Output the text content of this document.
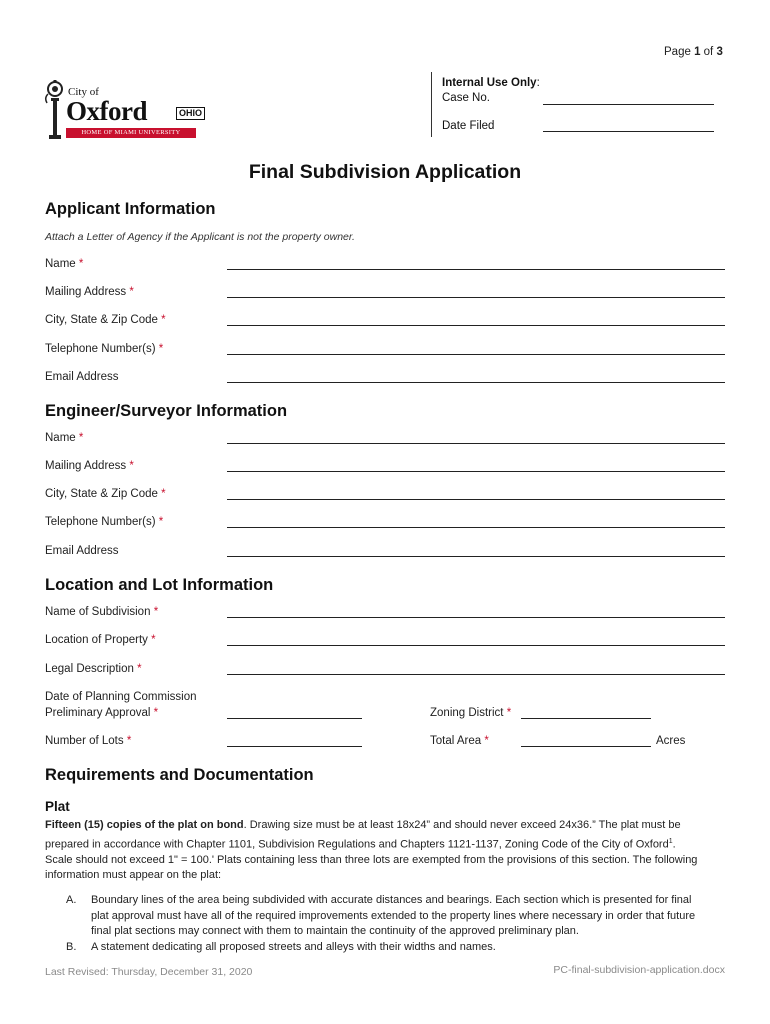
Page 1 of 3
City of
Oxford	OHIO
HOME OF MIAMI UNIVERSITY
Internal Use Only:
Case No.
Date Filed
Final Subdivision Application
Applicant Information
Attach a Letter of Agency if the Applicant is not the property owner.
Name *
Mailing Address *
City, State & Zip Code *
Telephone Number(s) *
Email Address
Engineer/Surveyor Information
Name *
Mailing Address *
City, State & Zip Code *
Telephone Number(s) *
Email Address
Location and Lot Information
Name of Subdivision *
Location of Property *
Legal Description *
Date of Planning Commission
Preliminary Approval *	Zoning District *
Number of Lots *	Total Area *	Acres
Requirements and Documentation
Plat
Fifteen (15) copies of the plat on bond. Drawing size must be at least 18x24” and should never exceed 24x36.” The plat must be
prepared in accordance with Chapter 1101, Subdivision Regulations and Chapters 1121-1137, Zoning Code of the City of Oxford$^1$.
Scale should not exceed 1" = 100.' Plats containing less than three lots are exempted from the provisions of this section. The following
information must appear on the plat:
A. Boundary lines of the area being subdivided with accurate distances and bearings. Each section which is presented for final
plat approval must have all of the required improvements extended to the property lines where necessary in order that future
final plat sections may connect with them to maintain the continuity of the approved preliminary plan.
B. A statement dedicating all proposed streets and alleys with their widths and names.
Last Revised: Thursday, December 31, 2020	PC-final-subdivision-application.docx
